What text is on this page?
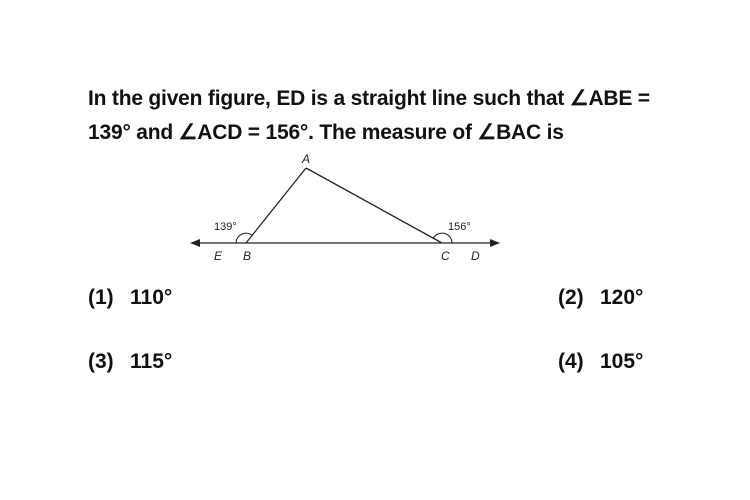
In the given figure, ED is a straight line such that ∠ABE =
139° and ∠ACD = 156°. The measure of ∠BAC is
A
E B	C D
139°	156°
(1) 110°	(2) 120°
(3) 115°	(4) 105°
